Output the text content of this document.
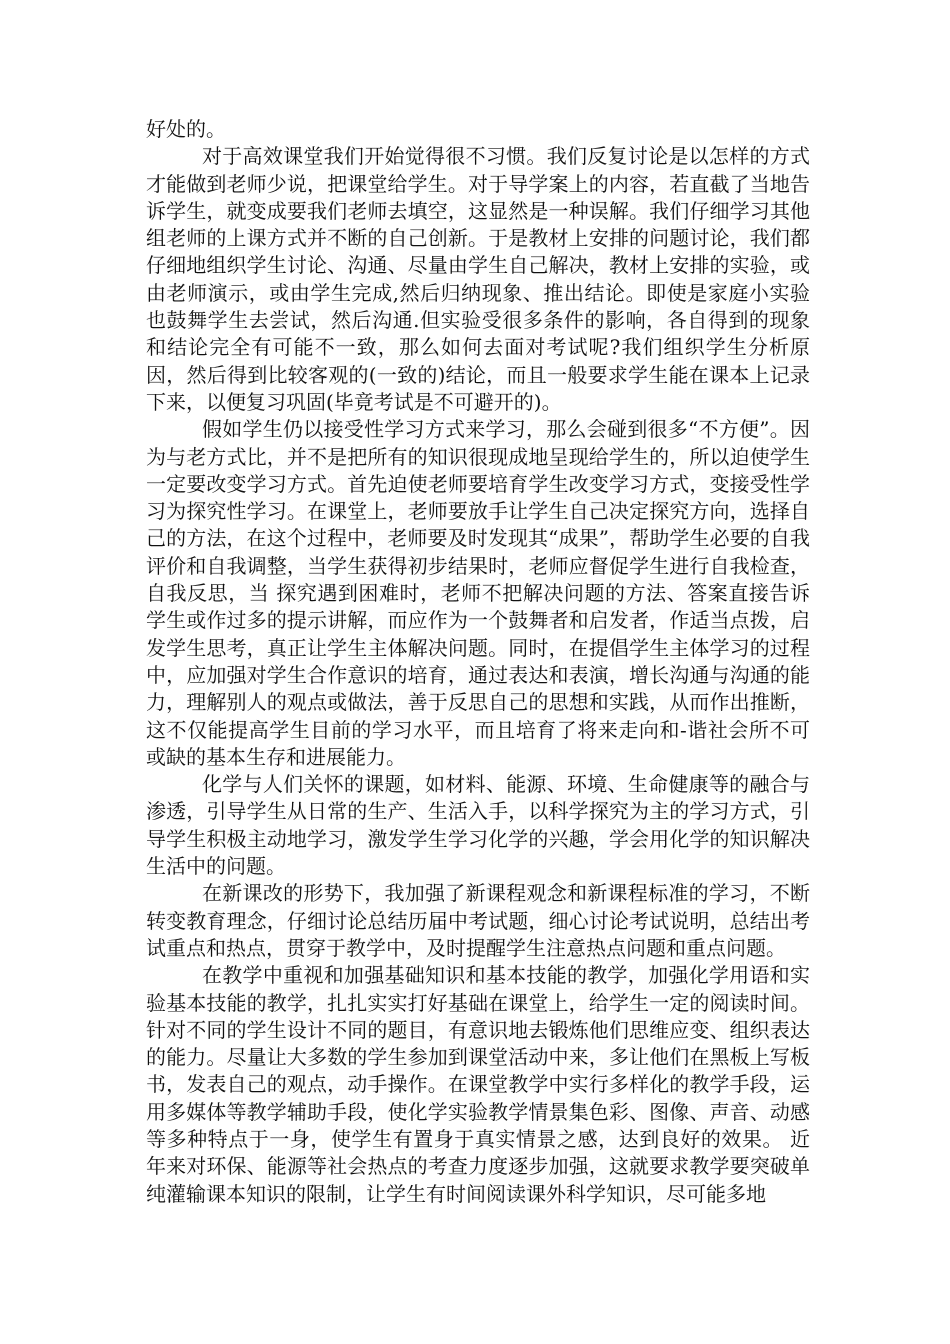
好处的。

对于高效课堂我们开始觉得很不习惯。我们反复讨论是以怎样的方式才能做到老师少说，把课堂给学生。对于导学案上的内容，若直截了当地告诉学生，就变成要我们老师去填空，这显然是一种误解。我们仔细学习其他组老师的上课方式并不断的自己创新。于是教材上安排的问题讨论，我们都仔细地组织学生讨论、沟通、尽量由学生自己解决，教材上安排的实验，或由老师演示，或由学生完成,然后归纳现象、推出结论。即使是家庭小实验也鼓舞学生去尝试，然后沟通.但实验受很多条件的影响，各自得到的现象和结论完全有可能不一致，那么如何去面对考试呢?我们组织学生分析原因，然后得到比较客观的(一致的)结论，而且一般要求学生能在课本上记录下来，以便复习巩固(毕竟考试是不可避开的)。

假如学生仍以接受性学习方式来学习，那么会碰到很多“不方便”。因为与老方式比，并不是把所有的知识很现成地呈现给学生的，所以迫使学生一定要改变学习方式。首先迫使老师要培育学生改变学习方式，变接受性学习为探究性学习。在课堂上，老师要放手让学生自己决定探究方向，选择自己的方法，在这个过程中，老师要及时发现其“成果”，帮助学生必要的自我评价和自我调整，当学生获得初步结果时，老师应督促学生进行自我检查，自我反思，当 探究遇到困难时，老师不把解决问题的方法、答案直接告诉学生或作过多的提示讲解，而应作为一个鼓舞者和启发者，作适当点拨，启发学生思考，真正让学生主体解决问题。同时，在提倡学生主体学习的过程中，应加强对学生合作意识的培育，通过表达和表演，增长沟通与沟通的能力，理解别人的观点或做法，善于反思自己的思想和实践，从而作出推断，这不仅能提高学生目前的学习水平，而且培育了将来走向和-谐社会所不可或缺的基本生存和进展能力。

化学与人们关怀的课题，如材料、能源、环境、生命健康等的融合与渗透，引导学生从日常的生产、生活入手，以科学探究为主的学习方式，引导学生积极主动地学习，激发学生学习化学的兴趣，学会用化学的知识解决生活中的问题。

在新课改的形势下，我加强了新课程观念和新课程标准的学习，不断转变教育理念，仔细讨论总结历届中考试题，细心讨论考试说明，总结出考试重点和热点，贯穿于教学中，及时提醒学生注意热点问题和重点问题。

在教学中重视和加强基础知识和基本技能的教学，加强化学用语和实验基本技能的教学，扎扎实实打好基础在课堂上，给学生一定的阅读时间。针对不同的学生设计不同的题目，有意识地去锻炼他们思维应变、组织表达的能力。尽量让大多数的学生参加到课堂活动中来，多让他们在黑板上写板书，发表自己的观点，动手操作。在课堂教学中实行多样化的教学手段，运用多媒体等教学辅助手段，使化学实验教学情景集色彩、图像、声音、动感等多种特点于一身，使学生有置身于真实情景之感，达到良好的效果。 近年来对环保、能源等社会热点的考查力度逐步加强，这就要求教学要突破单纯灌输课本知识的限制，让学生有时间阅读课外科学知识，尽可能多地
